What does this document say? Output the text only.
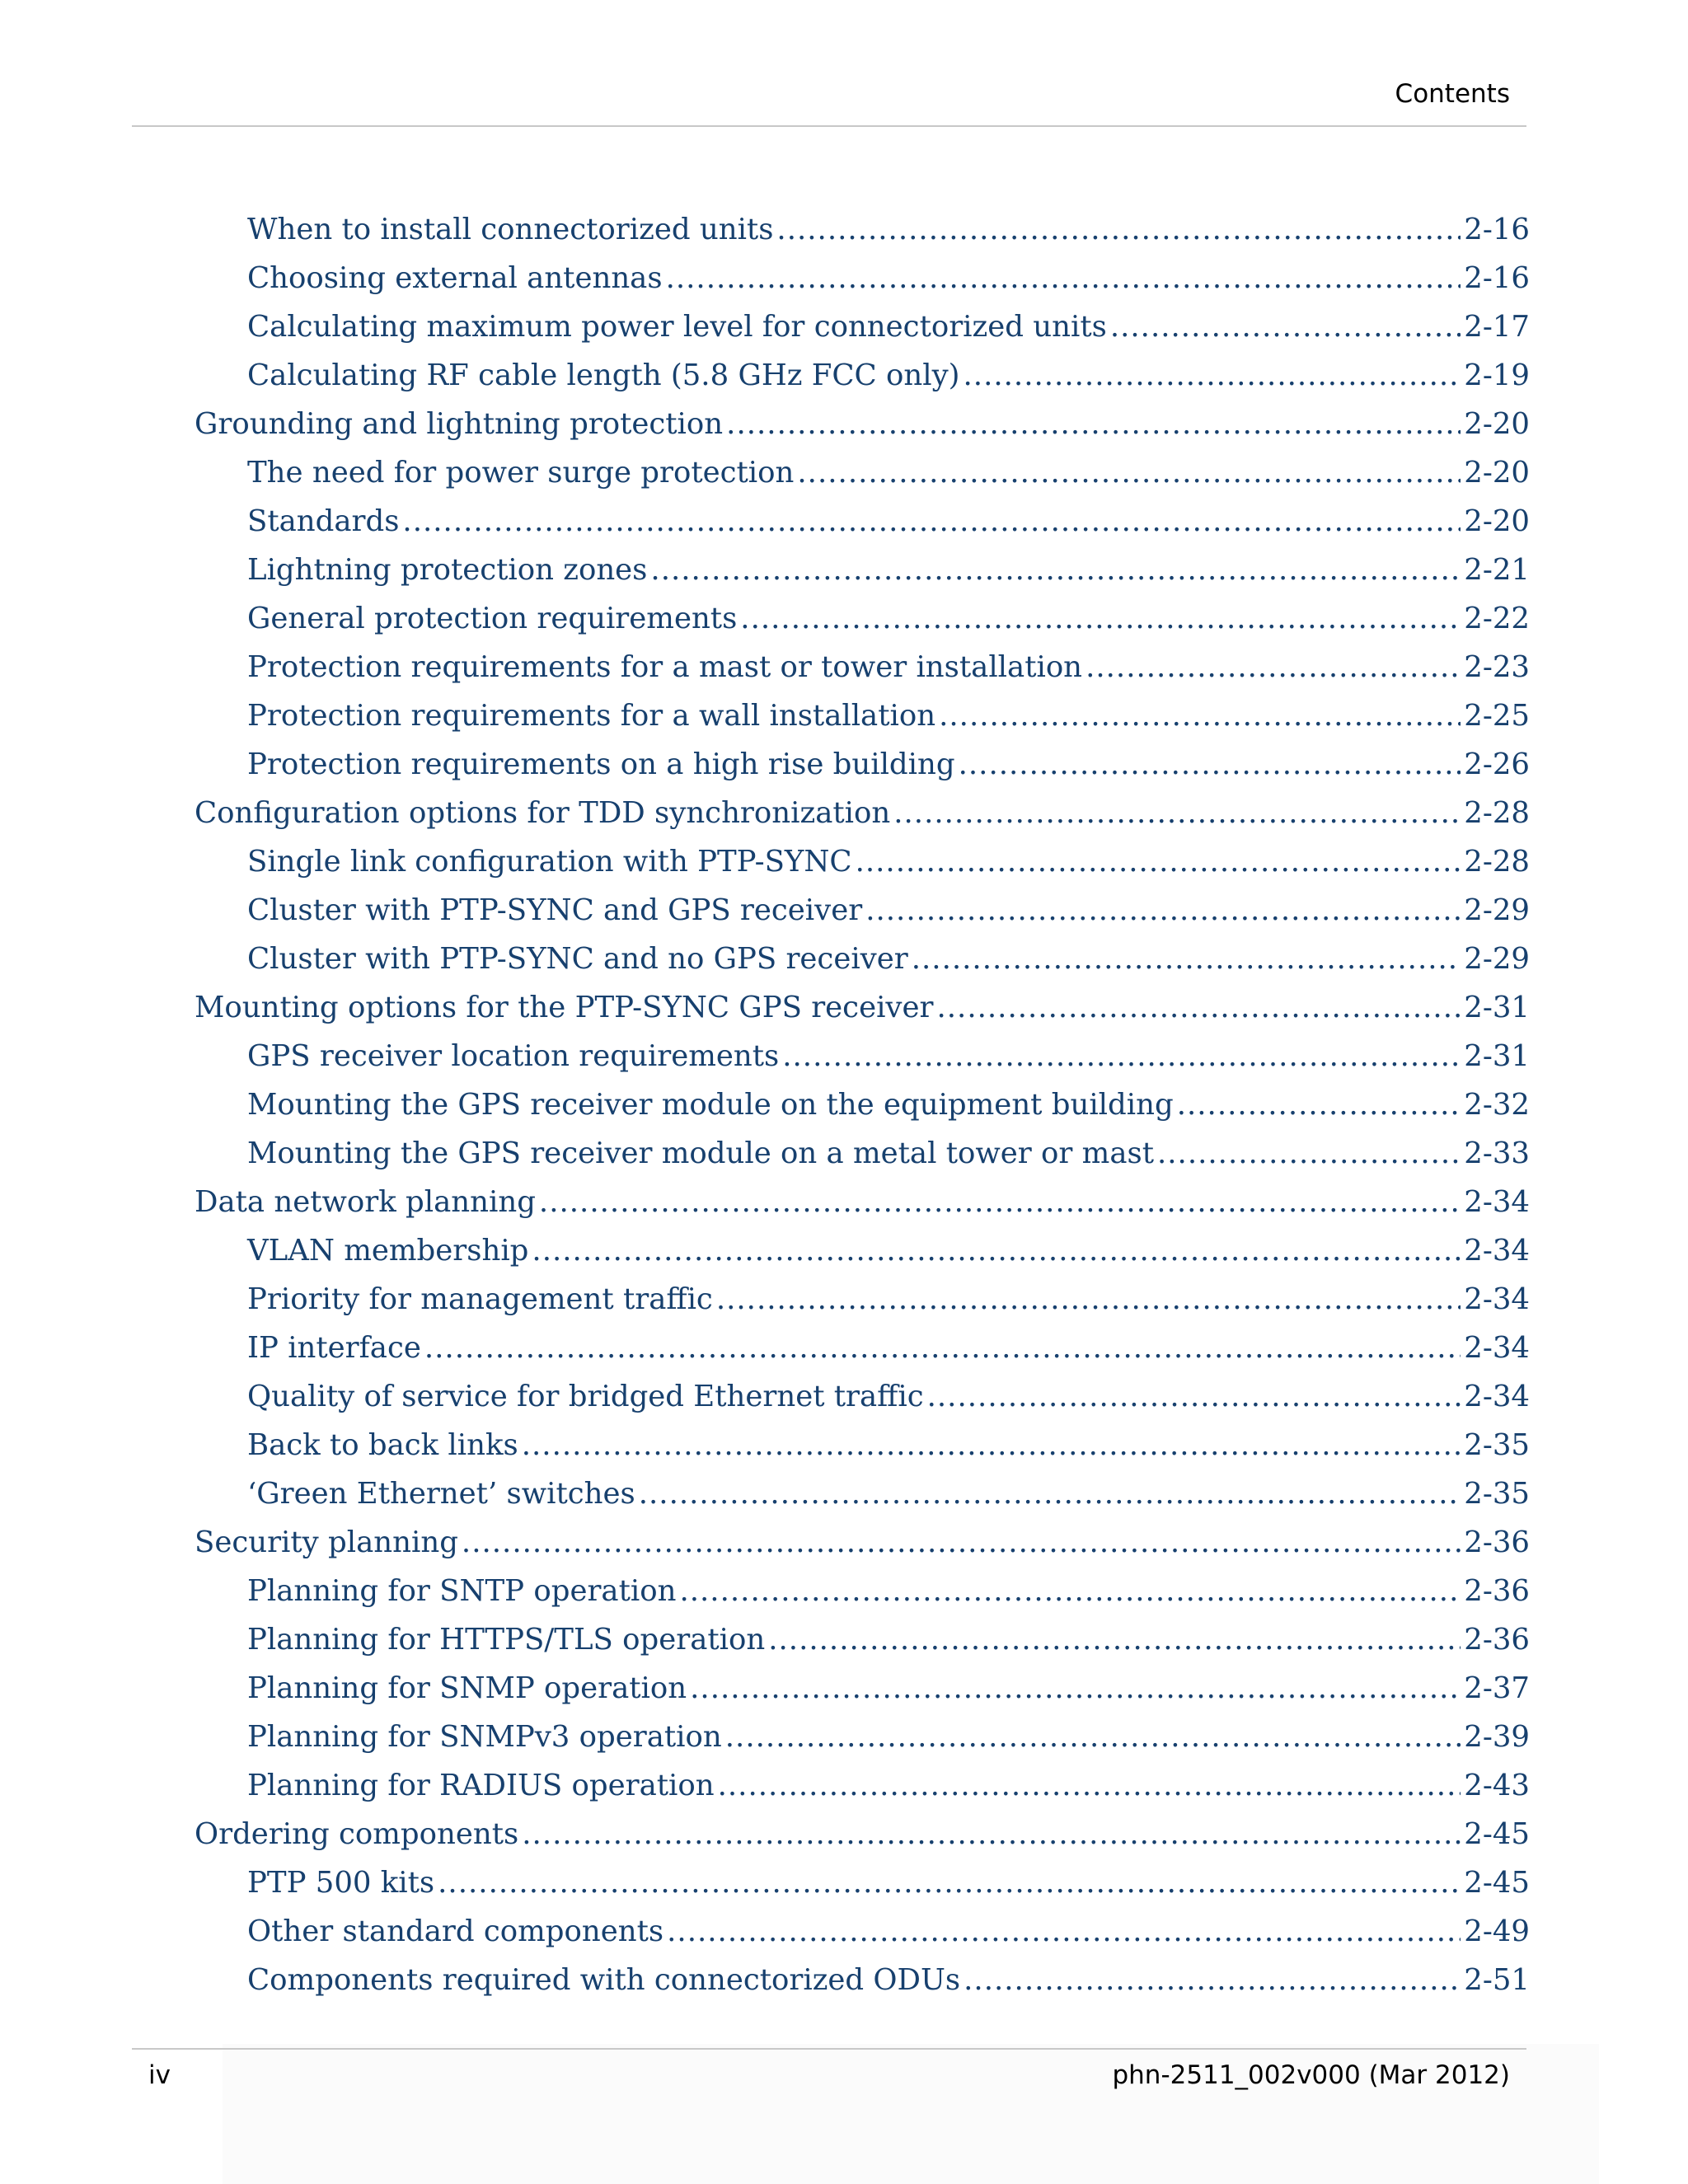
Contents
When to install connectorized units .....	2-16
Choosing external antennas .....	2-16
Calculating maximum power level for connectorized units .....	2-17
Calculating RF cable length (5.8 GHz FCC only) .....	2-19
Grounding and lightning protection .....	2-20
The need for power surge protection .....	2-20
Standards .....	2-20
Lightning protection zones .....	2-21
General protection requirements .....	2-22
Protection requirements for a mast or tower installation .....	2-23
Protection requirements for a wall installation .....	2-25
Protection requirements on a high rise building .....	2-26
Configuration options for TDD synchronization .....	2-28
Single link configuration with PTP-SYNC .....	2-28
Cluster with PTP-SYNC and GPS receiver .....	2-29
Cluster with PTP-SYNC and no GPS receiver .....	2-29
Mounting options for the PTP-SYNC GPS receiver .....	2-31
GPS receiver location requirements .....	2-31
Mounting the GPS receiver module on the equipment building .....	2-32
Mounting the GPS receiver module on a metal tower or mast .....	2-33
Data network planning .....	2-34
VLAN membership .....	2-34
Priority for management traffic .....	2-34
IP interface .....	2-34
Quality of service for bridged Ethernet traffic .....	2-34
Back to back links .....	2-35
‘Green Ethernet’ switches .....	2-35
Security planning .....	2-36
Planning for SNTP operation .....	2-36
Planning for HTTPS/TLS operation .....	2-36
Planning for SNMP operation .....	2-37
Planning for SNMPv3 operation .....	2-39
Planning for RADIUS operation .....	2-43
Ordering components .....	2-45
PTP 500 kits .....	2-45
Other standard components .....	2-49
Components required with connectorized ODUs .....	2-51
iv	phn-2511_002v000 (Mar 2012)
